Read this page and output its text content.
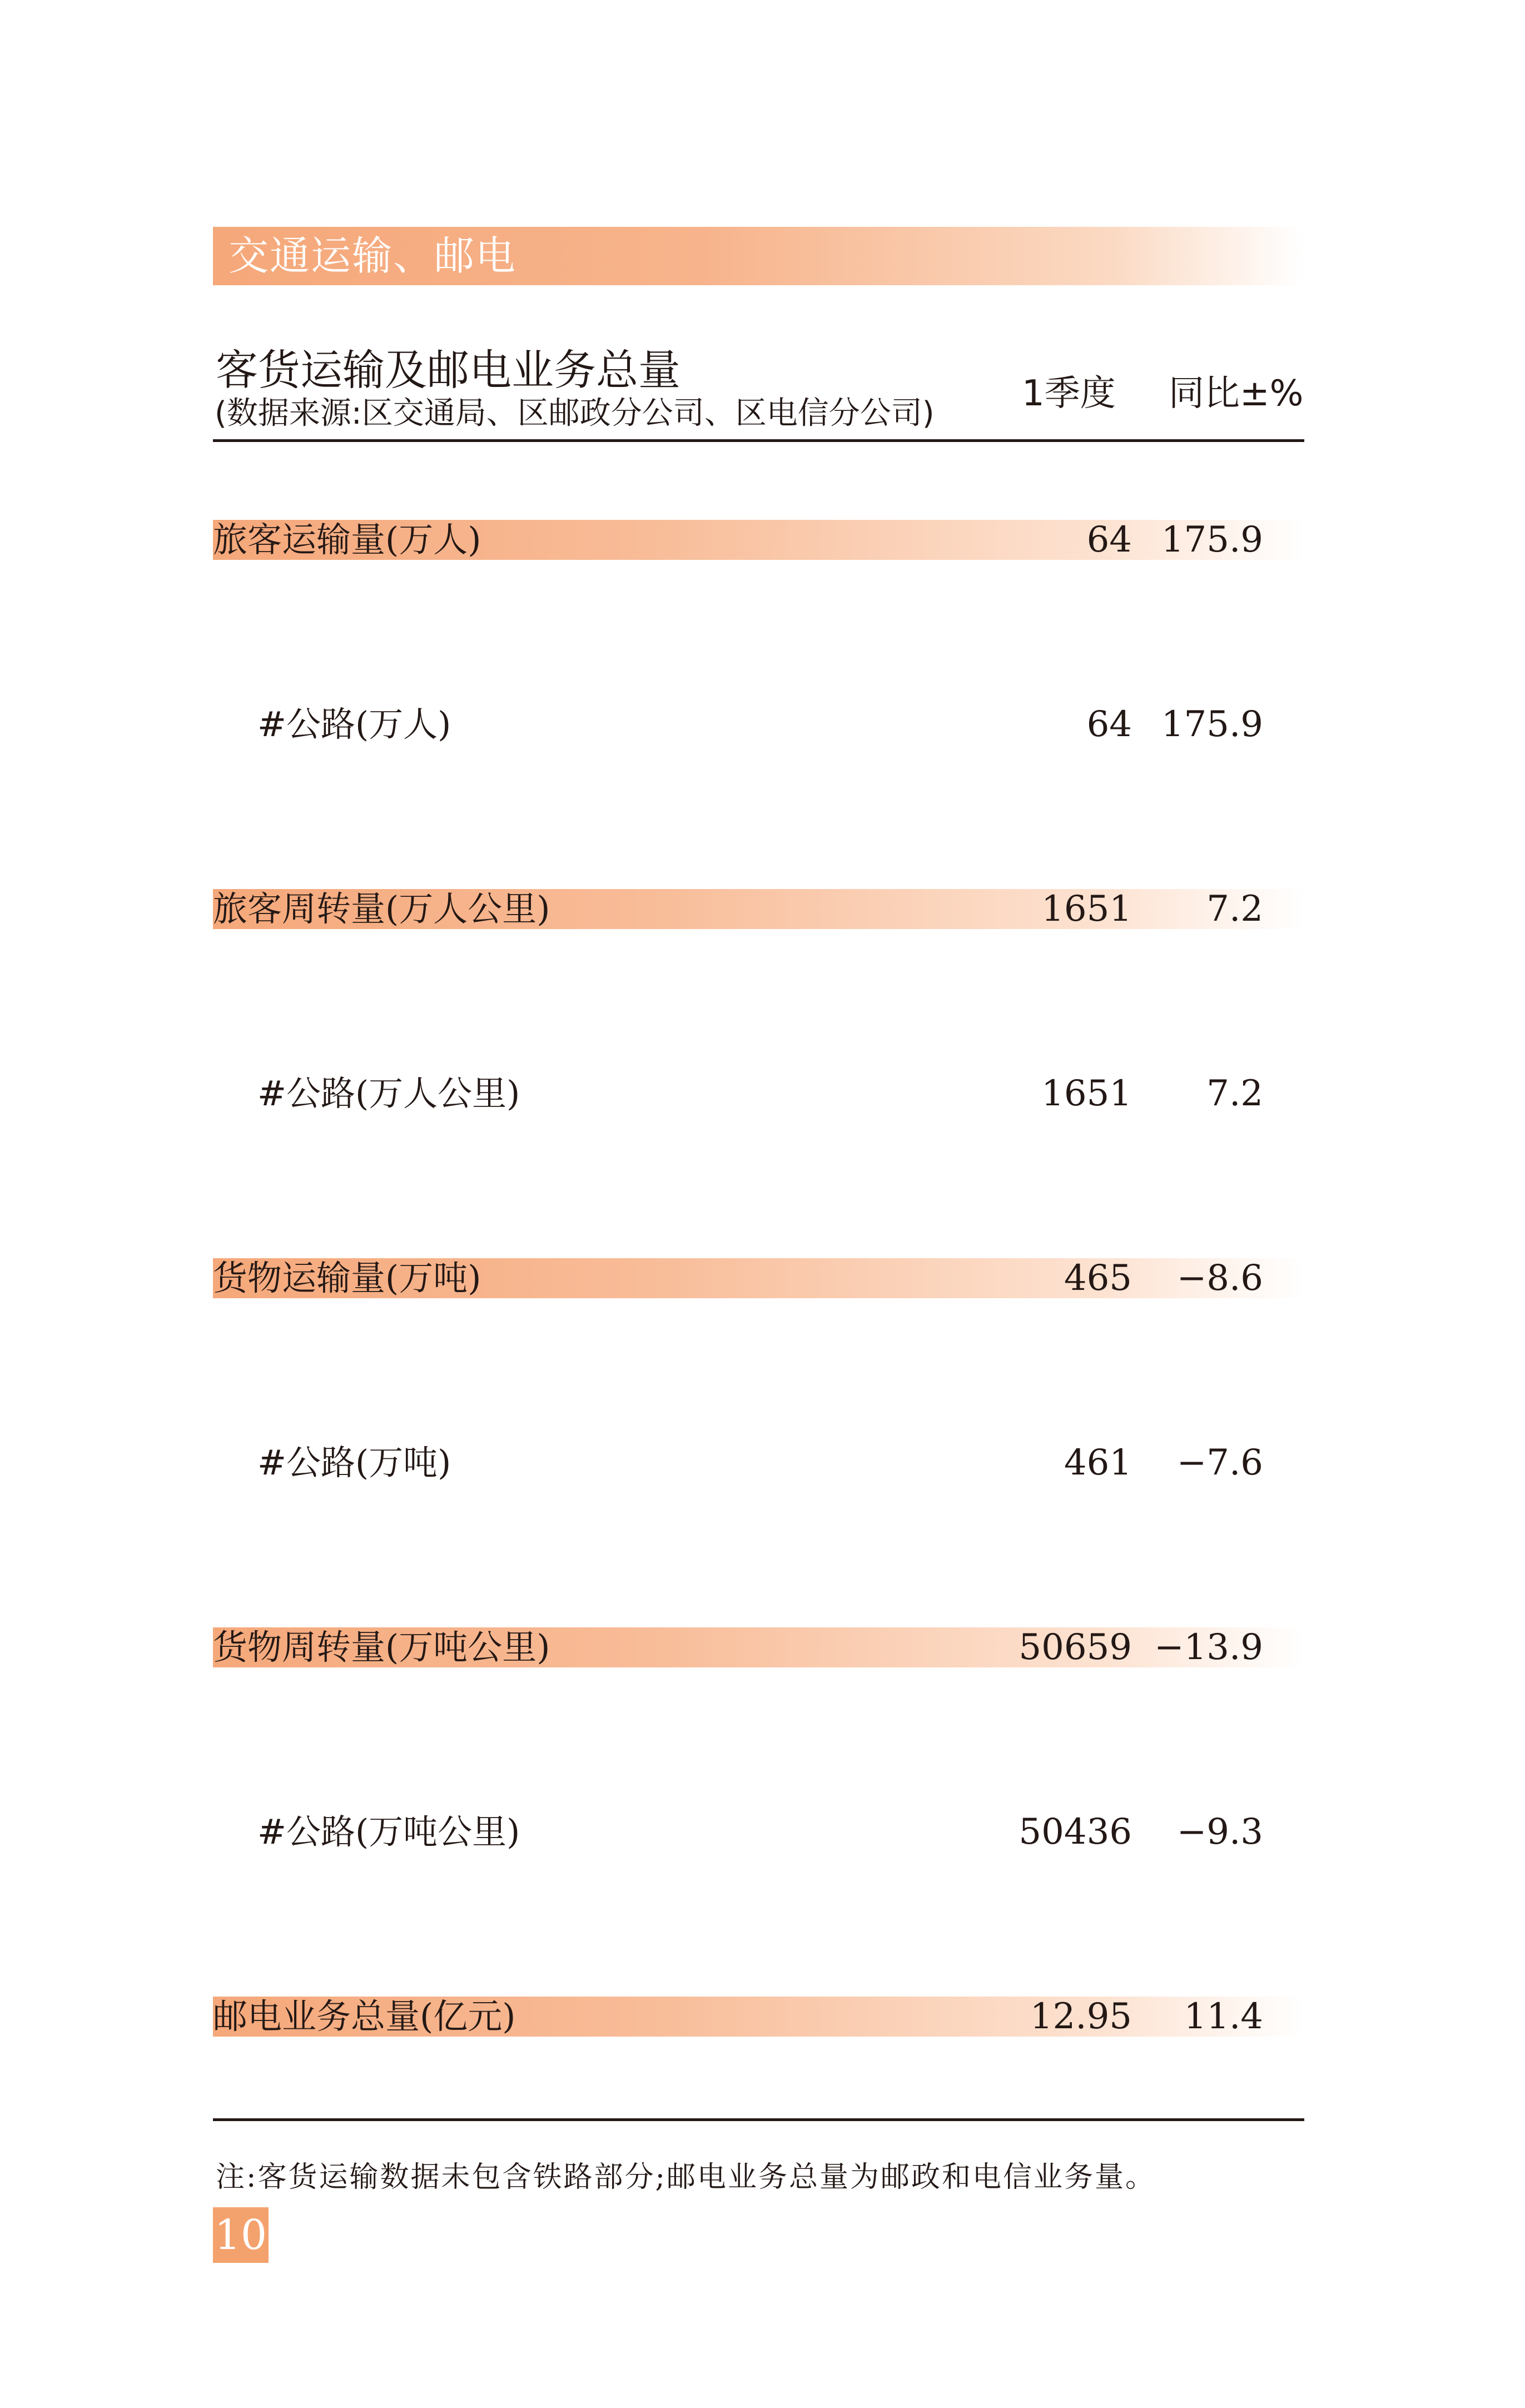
交通运输、邮电
客货运输及邮电业务总量
(数据来源:区交通局、区邮政分公司、区电信分公司) 1季度 同比±%
旅客运输量(万人)	64 175.9
#公路(万人)	64 175.9
旅客周转量(万人公里)	1651 7.2
#公路(万人公里)	1651 7.2
货物运输量(万吨)	465 −8.6
#公路(万吨)	461 −7.6
货物周转量(万吨公里)	50659 −13.9
#公路(万吨公里)	50436 −9.3
邮电业务总量(亿元)	12.95 11.4
注:客货运输数据未包含铁路部分;邮电业务总量为邮政和电信业务量。
10
